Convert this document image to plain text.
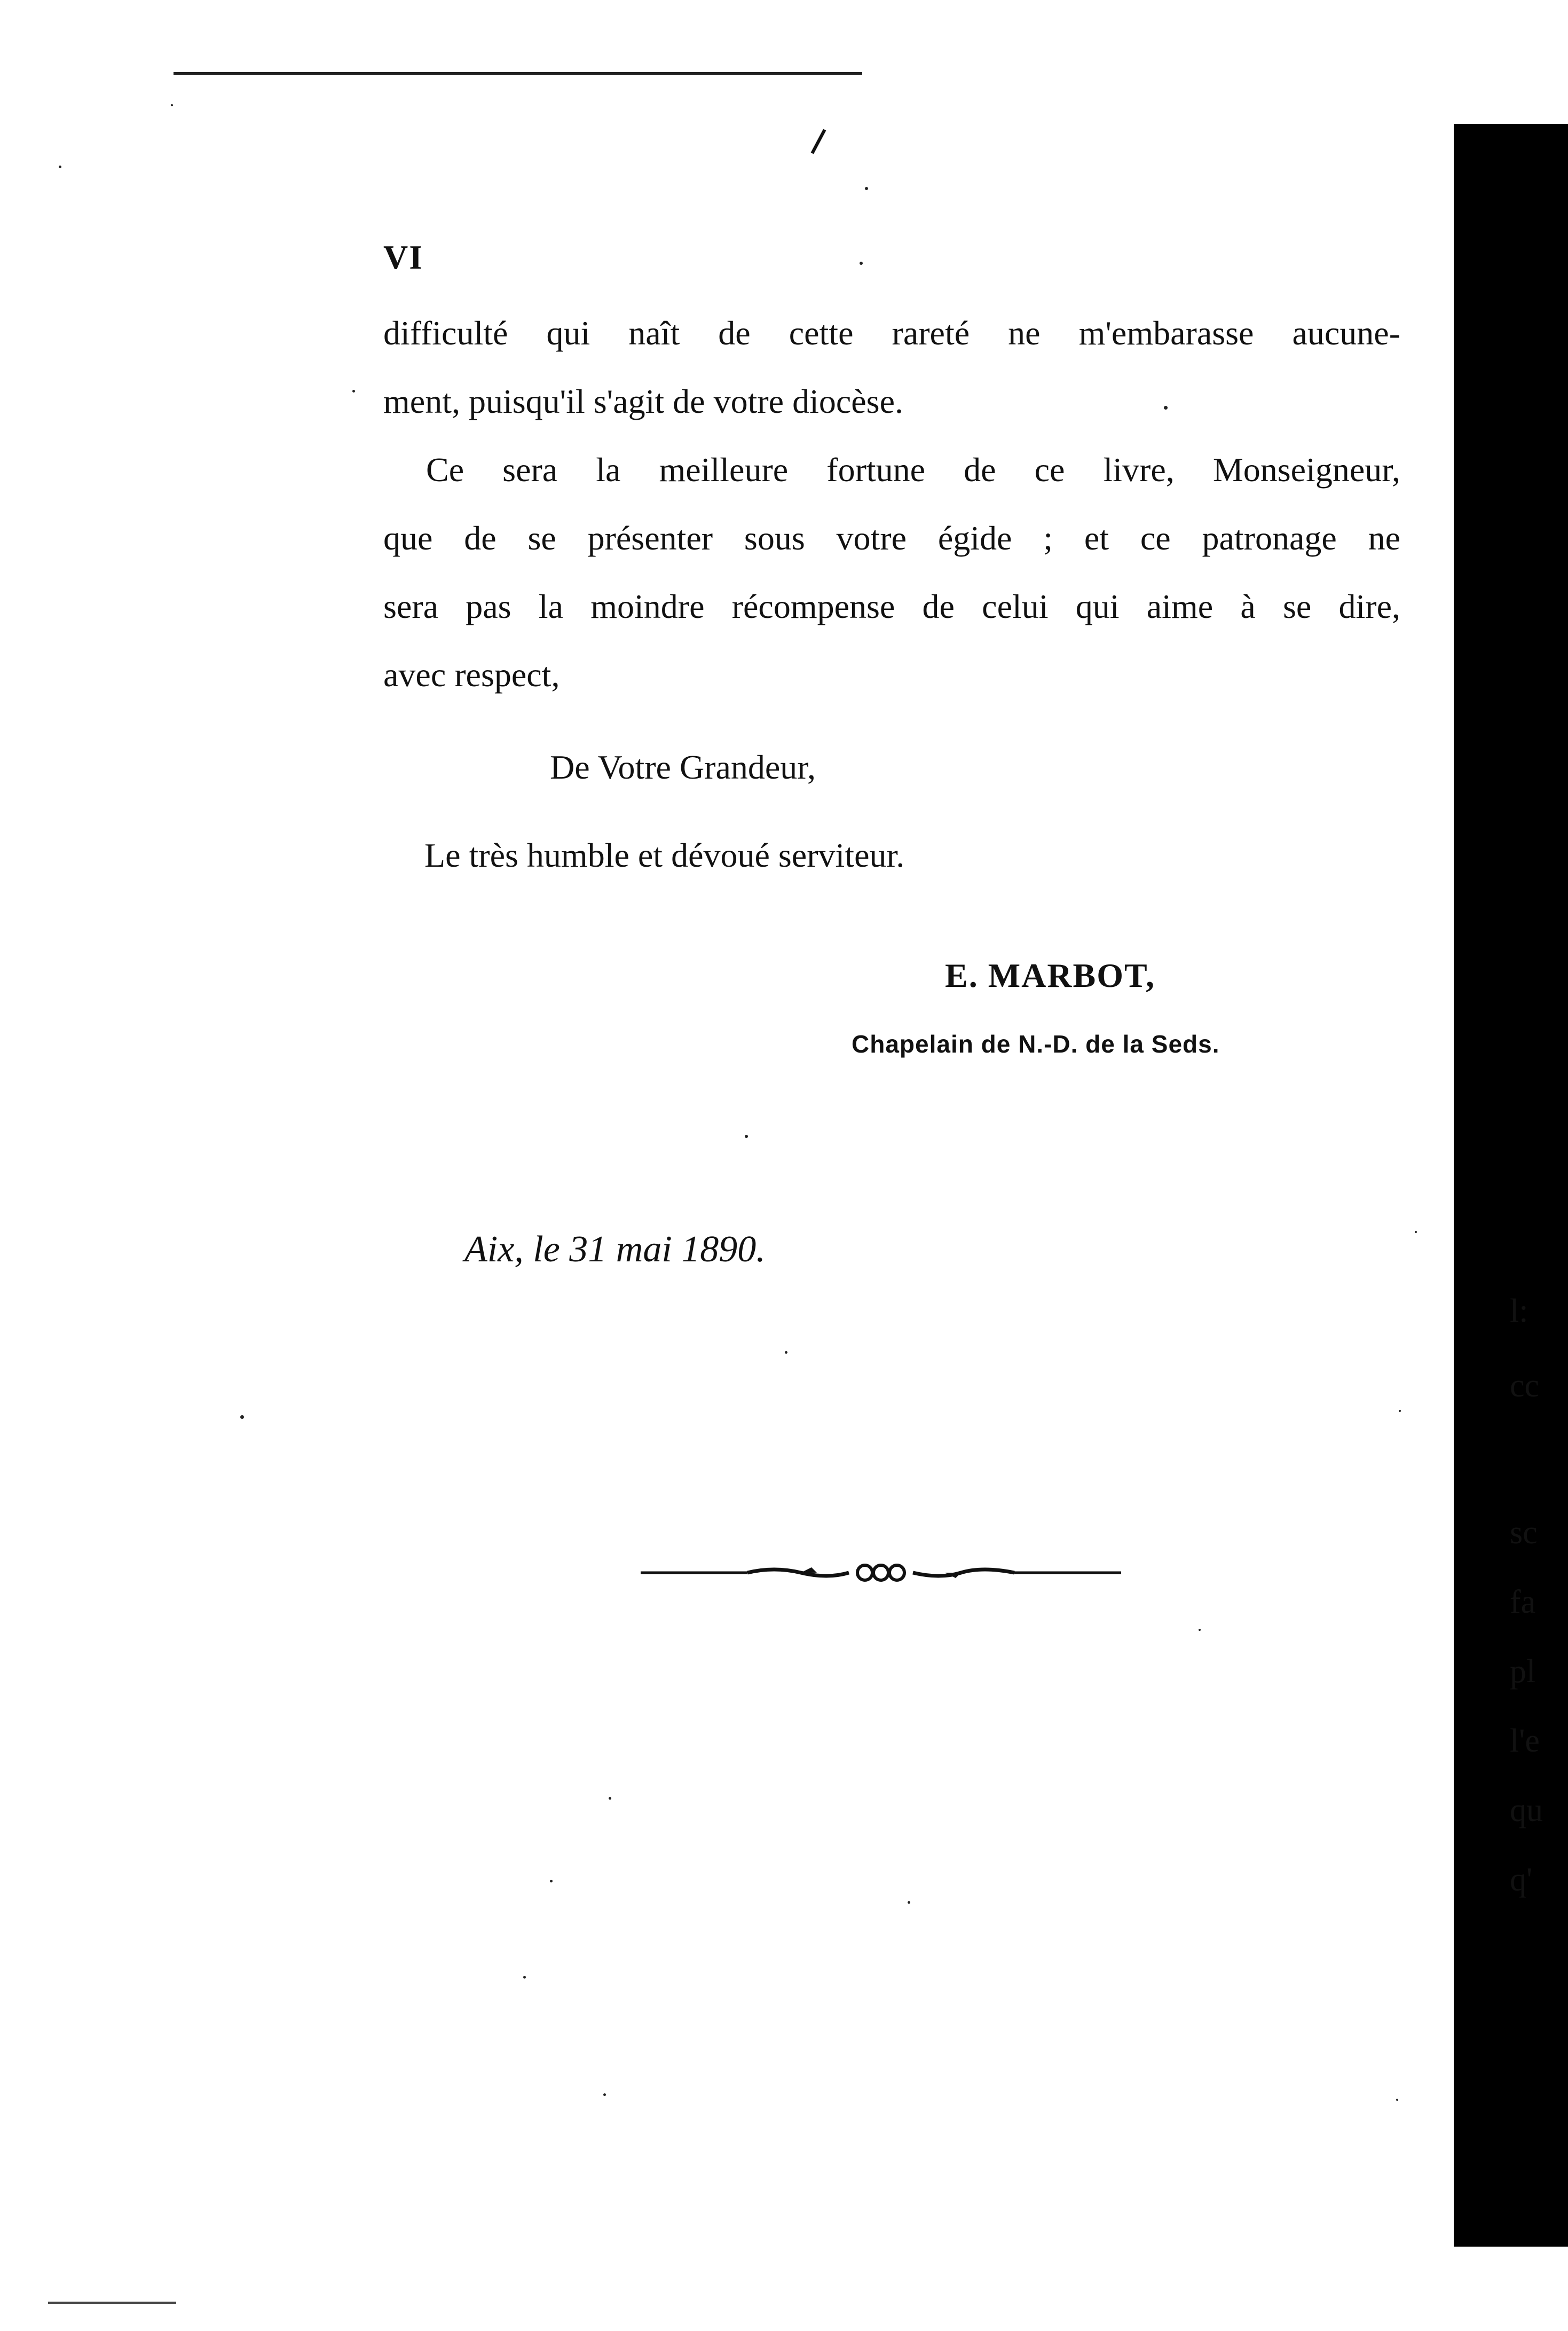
VI

difficulté qui naît de cette rareté ne m'embarasse aucune-

ment, puisqu'il s'agit de votre diocèse.

Ce sera la meilleure fortune de ce livre, Monseigneur,

que de se présenter sous votre égide ; et ce patronage ne

sera pas la moindre récompense de celui qui aime à se dire,

avec respect,

De Votre Grandeur,
Le très humble et dévoué serviteur.
E. MARBOT,
Chapelain de N.-D. de la Seds.
Aix, le 31 mai 1890.
l:
cc
sc
fa
pl
l'e
qu
q'
